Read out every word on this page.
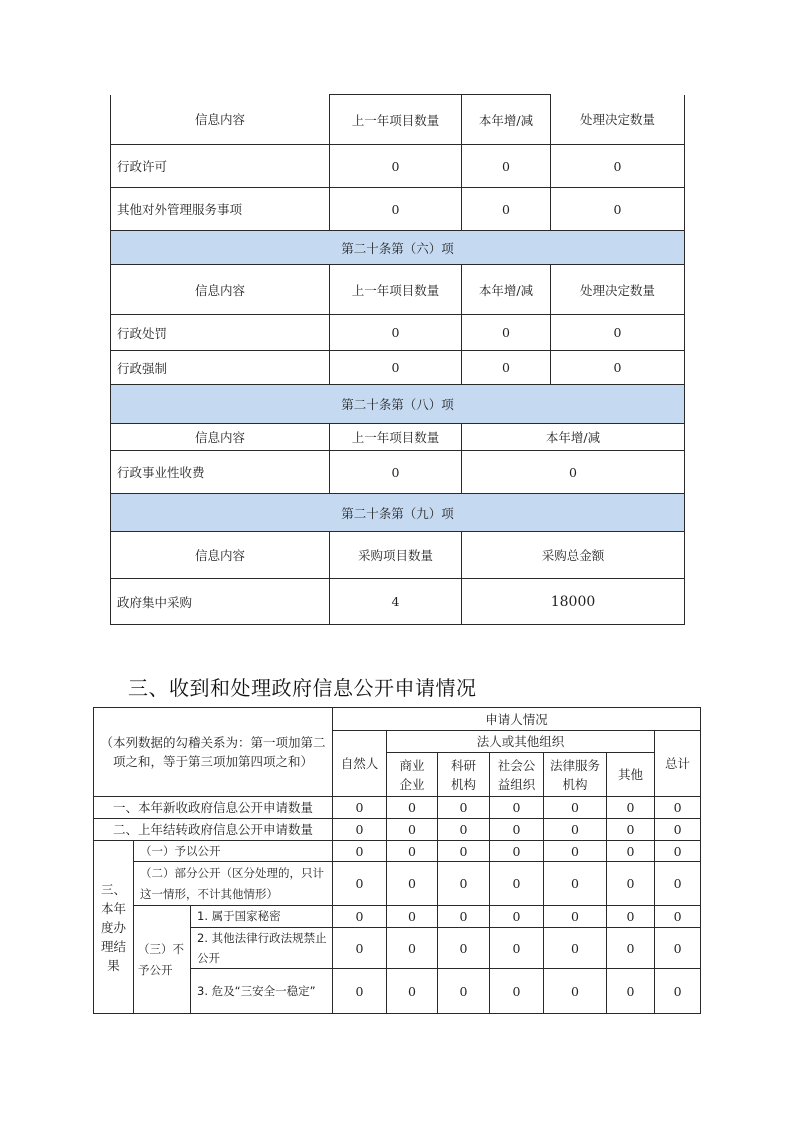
信息内容	上一年项目数量	本年增/减	处理决定数量
行政许可	0	0	0
其他对外管理服务事项	0	0	0
第二十条第（六）项			
信息内容	上一年项目数量	本年增/减	处理决定数量
行政处罚	0	0	0
行政强制	0	0	0
第二十条第（八）项			
信息内容	上一年项目数量	本年增/减	
行政事业性收费	0	0	
第二十条第（九）项			
信息内容	采购项目数量	采购总金额	
政府集中采购	4	18000	
三、收到和处理政府信息公开申请情况
（本列数据的勾稽关系为：第一项加第二项之和，等于第三项加第四项之和）			申请人情况						
			自然人	法人或其他组织					总计
				商业企业	科研机构	社会公益组织	法律服务机构	其他	
一、本年新收政府信息公开申请数量			0	0	0	0	0	0	0
二、上年结转政府信息公开申请数量			0	0	0	0	0	0	0
三、本年度办理结果	（一）予以公开		0	0	0	0	0	0	0
	（二）部分公开（区分处理的，只计这一情形，不计其他情形）		0	0	0	0	0	0	0
	（三）不予公开	1. 属于国家秘密	0	0	0	0	0	0	0
		2. 其他法律行政法规禁止公开	0	0	0	0	0	0	0
		3. 危及“三安全一稳定”	0	0	0	0	0	0	0
